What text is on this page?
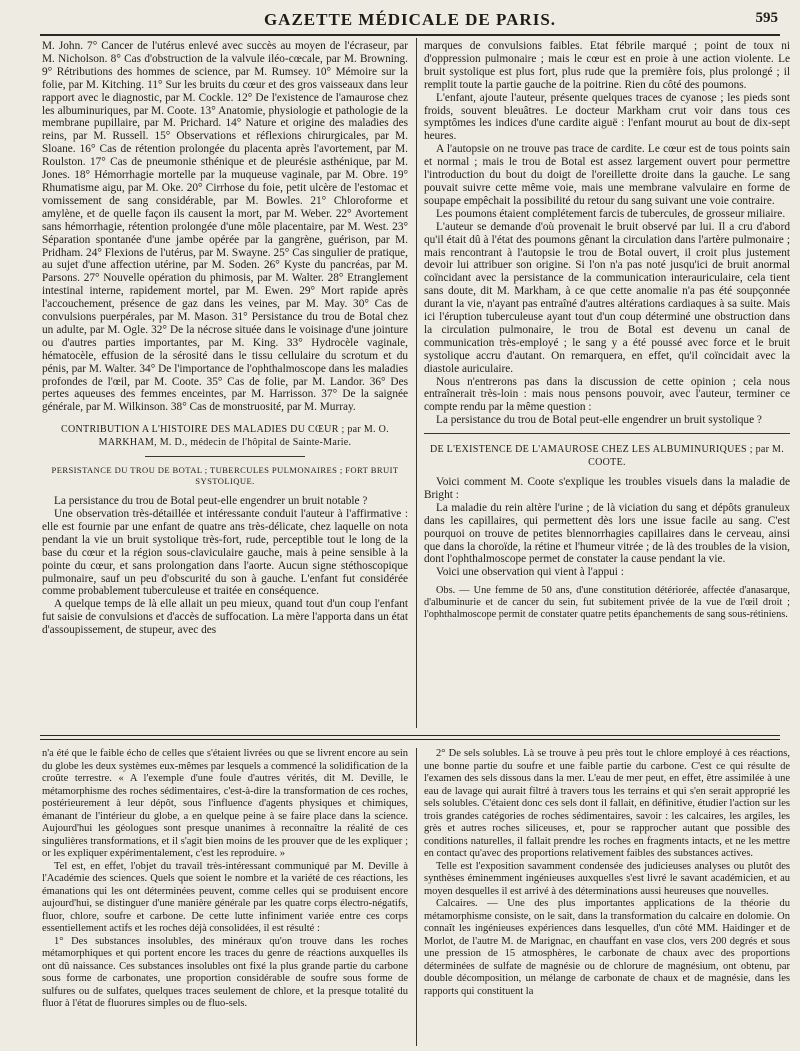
GAZETTE MÉDICALE DE PARIS.	595

M. John. 7° Cancer de l'utérus enlevé avec succès au moyen de l'écraseur, par M. Nicholson. 8° Cas d'obstruction de la valvule iléo-cœcale, par M. Browning. 9° Rétributions des hommes de science, par M. Rumsey. 10° Mémoire sur la folie, par M. Kitching. 11° Sur les bruits du cœur et des gros vaisseaux dans leur rapport avec le diagnostic, par M. Cockle. 12° De l'existence de l'amaurose chez les albuminuriques, par M. Coote. 13° Anatomie, physiologie et pathologie de la membrane pupillaire, par M. Prichard. 14° Nature et origine des maladies des reins, par M. Russell. 15° Observations et réflexions chirurgicales, par M. Sloane. 16° Cas de rétention prolongée du placenta après l'avortement, par M. Roulston. 17° Cas de pneumonie sthénique et de pleurésie asthénique, par M. Jones. 18° Hémorrhagie mortelle par la muqueuse vaginale, par M. Obre. 19° Rhumatisme aigu, par M. Oke. 20° Cirrhose du foie, petit ulcère de l'estomac et vomissement de sang considérable, par M. Bowles. 21° Chloroforme et amylène, et de quelle façon ils causent la mort, par M. Weber. 22° Avortement sans hémorrhagie, rétention prolongée d'une môle placentaire, par M. West. 23° Séparation spontanée d'une jambe opérée par la gangrène, guérison, par M. Pridham. 24° Flexions de l'utérus, par M. Swayne. 25° Cas singulier de pratique, au sujet d'une affection utérine, par M. Soden. 26° Kyste du pancréas, par M. Parsons. 27° Nouvelle opération du phimosis, par M. Walter. 28° Etranglement intestinal interne, rapidement mortel, par M. Ewen. 29° Mort rapide après l'accouchement, présence de gaz dans les veines, par M. May. 30° Cas de convulsions puerpérales, par M. Mason. 31° Persistance du trou de Botal chez un adulte, par M. Ogle. 32° De la nécrose située dans le voisinage d'une jointure ou d'autres parties importantes, par M. King. 33° Hydrocèle vaginale, hématocèle, effusion de la sérosité dans le tissu cellulaire du scrotum et du pénis, par M. Walter. 34° De l'importance de l'ophthalmoscope dans les maladies profondes de l'œil, par M. Coote. 35° Cas de folie, par M. Landor. 36° Des pertes aqueuses des femmes enceintes, par M. Harrisson. 37° De la saignée générale, par M. Wilkinson. 38° Cas de monstruosité, par M. Murray.

CONTRIBUTION A L'HISTOIRE DES MALADIES DU CŒUR ; par M. O. MARKHAM, M. D., médecin de l'hôpital de Sainte-Marie.
PERSISTANCE DU TROU DE BOTAL ; TUBERCULES PULMONAIRES ; FORT BRUIT SYSTOLIQUE.

La persistance du trou de Botal peut-elle engendrer un bruit notable ?

Une observation très-détaillée et intéressante conduit l'auteur à l'affirmative : elle est fournie par une enfant de quatre ans très-délicate, chez laquelle on nota pendant la vie un bruit systolique très-fort, rude, perceptible tout le long de la base du cœur et la région sous-claviculaire gauche, mais à peine sensible à la pointe du cœur, et sans prolongation dans l'aorte. Aucun signe stéthoscopique pulmonaire, sauf un peu d'obscurité du son à gauche. L'enfant fut considérée comme probablement tuberculeuse et traitée en conséquence.

A quelque temps de là elle allait un peu mieux, quand tout d'un coup l'enfant fut saisie de convulsions et d'accès de suffocation. La mère l'apporta dans un état d'assoupissement, de stupeur, avec des

marques de convulsions faibles. Etat fébrile marqué ; point de toux ni d'oppression pulmonaire ; mais le cœur est en proie à une action violente. Le bruit systolique est plus fort, plus rude que la première fois, plus prolongé ; il remplit toute la partie gauche de la poitrine. Rien du côté des poumons.

L'enfant, ajoute l'auteur, présente quelques traces de cyanose ; les pieds sont froids, souvent bleuâtres. Le docteur Markham crut voir dans tous ces symptômes les indices d'une cardite aiguë : l'enfant mourut au bout de dix-sept heures.

A l'autopsie on ne trouve pas trace de cardite. Le cœur est de tous points sain et normal ; mais le trou de Botal est assez largement ouvert pour permettre l'introduction du bout du doigt de l'oreillette droite dans la gauche. Le sang pouvait suivre cette même voie, mais une membrane valvulaire en forme de soupape empêchait la possibilité du retour du sang suivant une voie contraire.

Les poumons étaient complétement farcis de tubercules, de grosseur miliaire.

L'auteur se demande d'où provenait le bruit observé par lui. Il a cru d'abord qu'il était dû à l'état des poumons gênant la circulation dans l'artère pulmonaire ; mais rencontrant à l'autopsie le trou de Botal ouvert, il croit plus justement devoir lui attribuer son origine. Si l'on n'a pas noté jusqu'ici de bruit anormal coïncidant avec la persistance de la communication interauriculaire, cela tient sans doute, dit M. Markham, à ce que cette anomalie n'a pas été soupçonnée durant la vie, n'ayant pas entraîné d'autres altérations cardiaques à sa suite. Mais ici l'éruption tuberculeuse ayant tout d'un coup déterminé une obstruction dans la circulation pulmonaire, le trou de Botal est devenu un canal de communication très-employé ; le sang y a été poussé avec force et le bruit systolique accru d'autant. On remarquera, en effet, qu'il coïncidait avec la diastole auriculaire.

Nous n'entrerons pas dans la discussion de cette opinion ; cela nous entraînerait très-loin : mais nous pensons pouvoir, avec l'auteur, terminer ce compte rendu par la même question :

La persistance du trou de Botal peut-elle engendrer un bruit systolique ?

DE L'EXISTENCE DE L'AMAUROSE CHEZ LES ALBUMINURIQUES ; par M. COOTE.

Voici comment M. Coote s'explique les troubles visuels dans la maladie de Bright :

La maladie du rein altère l'urine ; de là viciation du sang et dépôts granuleux dans les capillaires, qui permettent dès lors une issue facile au sang. C'est pourquoi on trouve de petites blennorrhagies capillaires dans le cerveau, ainsi que dans la choroïde, la rétine et l'humeur vitrée ; de là des troubles de la vision, dont l'ophthalmoscope permet de constater la cause pendant la vie.

Voici une observation qui vient à l'appui :

Obs. — Une femme de 50 ans, d'une constitution détériorée, affectée d'anasarque, d'albuminurie et de cancer du sein, fut subitement privée de la vue de l'œil droit ; l'ophthalmoscope permit de constater quatre petits épanchements de sang sous-rétiniens.

n'a été que le faible écho de celles que s'étaient livrées ou que se livrent encore au sein du globe les deux systèmes eux-mêmes par lesquels a commencé la solidification de la croûte terrestre. « A l'exemple d'une foule d'autres vérités, dit M. Deville, le métamorphisme des roches sédimentaires, c'est-à-dire la transformation de ces roches, postérieurement à leur dépôt, sous l'influence d'agents physiques et chimiques, émanant de l'intérieur du globe, a en quelque peine à se faire place dans la science. Aujourd'hui les géologues sont presque unanimes à reconnaître la réalité de ces singulières transformations, et il s'agit bien moins de les prouver que de les expliquer ; or les expliquer expérimentalement, c'est les reproduire. »

Tel est, en effet, l'objet du travail très-intéressant communiqué par M. Deville à l'Académie des sciences. Quels que soient le nombre et la variété de ces réactions, les émanations qui les ont déterminées peuvent, comme celles qui se produisent encore aujourd'hui, se distinguer d'une manière générale par les quatre corps électro-négatifs, fluor, chlore, soufre et carbone. De cette lutte infiniment variée entre ces corps essentiellement actifs et les roches déjà consolidées, il est résulté :

1° Des substances insolubles, des minéraux qu'on trouve dans les roches métamorphiques et qui portent encore les traces du genre de réactions auxquelles ils ont dû naissance. Ces substances insolubles ont fixé la plus grande partie du carbone sous forme de carbonates, une proportion considérable de soufre sous forme de sulfures ou de sulfates, quelques traces seulement de chlore, et la presque totalité du fluor à l'état de fluorures simples ou de fluo-sels.

2° De sels solubles. Là se trouve à peu près tout le chlore employé à ces réactions, une bonne partie du soufre et une faible partie du carbone. C'est ce qui résulte de l'examen des sels dissous dans la mer. L'eau de mer peut, en effet, être assimilée à une eau de lavage qui aurait filtré à travers tous les terrains et qui s'en serait approprié les sels solubles. C'étaient donc ces sels dont il fallait, en définitive, étudier l'action sur les trois grandes catégories de roches sédimentaires, savoir : les calcaires, les argiles, les grès et autres roches siliceuses, et, pour se rapprocher autant que possible des conditions naturelles, il fallait prendre les roches en fragments intacts, et ne les mettre en contact qu'avec des proportions relativement faibles des substances actives.

Telle est l'exposition savamment condensée des judicieuses analyses ou plutôt des synthèses éminemment ingénieuses auxquelles s'est livré le savant académicien, et au moyen desquelles il est arrivé à des déterminations aussi heureuses que nouvelles.

Calcaires. — Une des plus importantes applications de la théorie du métamorphisme consiste, on le sait, dans la transformation du calcaire en dolomie. On connaît les ingénieuses expériences dans lesquelles, d'un côté MM. Haidinger et de Morlot, de l'autre M. de Marignac, en chauffant en vase clos, vers 200 degrés et sous une pression de 15 atmosphères, le carbonate de chaux avec des proportions déterminées de sulfate de magnésie ou de chlorure de magnésium, ont obtenu, par double décomposition, un mélange de carbonate de chaux et de magnésie, dans les rapports qui constituent la
